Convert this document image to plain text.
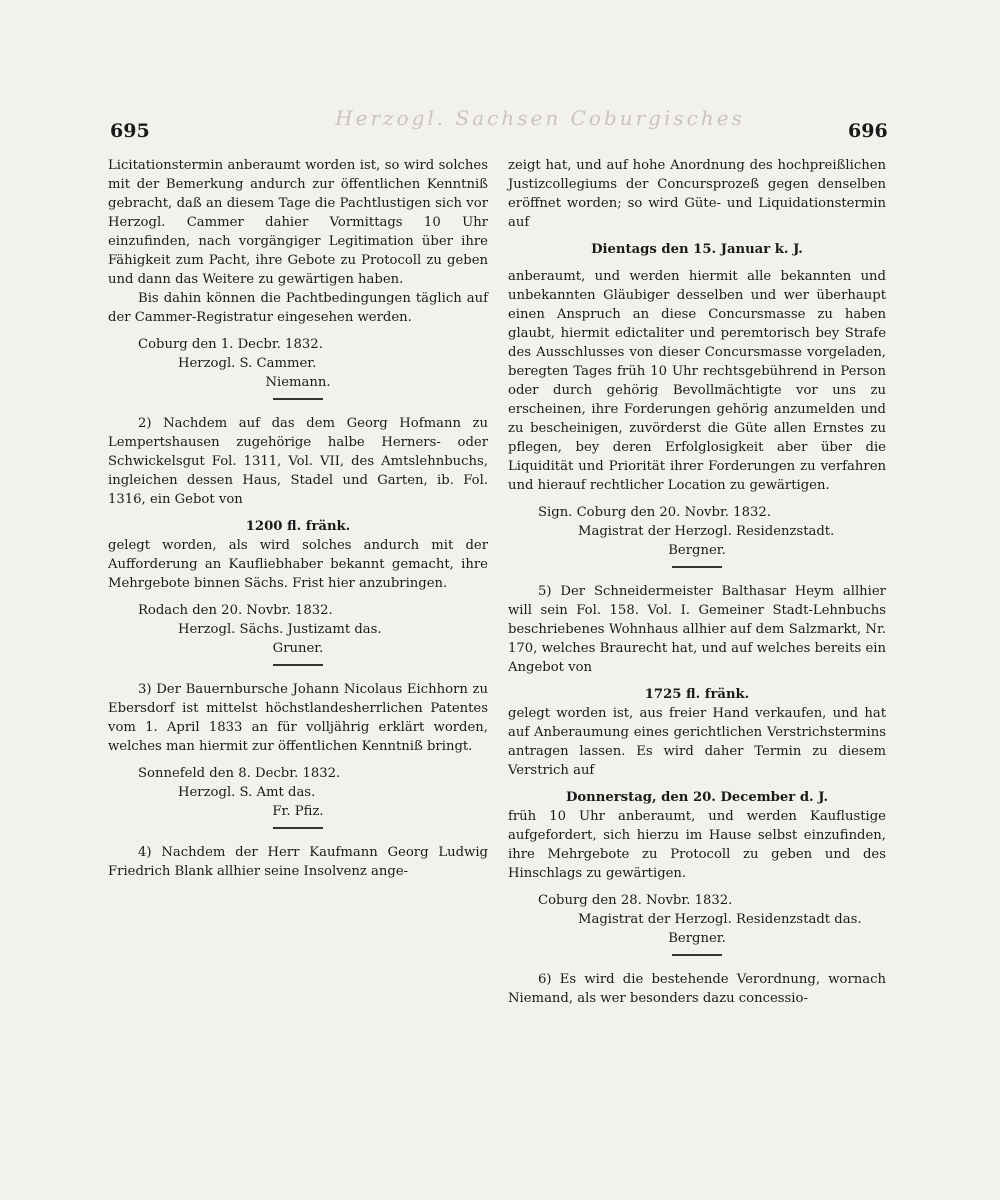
695
Herzogl. Sachsen Coburgisches
696

Licitationstermin anberaumt worden ist, so wird solches mit der Bemerkung andurch zur öffentlichen Kenntniß gebracht, daß an diesem Tage die Pachtlustigen sich vor Herzogl. Cammer dahier Vormittags 10 Uhr einzufinden, nach vorgängiger Legitimation über ihre Fähigkeit zum Pacht, ihre Gebote zu Protocoll zu geben und dann das Weitere zu gewärtigen haben.

Bis dahin können die Pachtbedingungen täglich auf der Cammer-Registratur eingesehen werden.

Coburg den 1. Decbr. 1832.

Herzogl. S. Cammer.

Niemann.

2) Nachdem auf das dem Georg Hofmann zu Lempertshausen zugehörige halbe Herners- oder Schwickelsgut Fol. 1311, Vol. VII, des Amtslehnbuchs, ingleichen dessen Haus, Stadel und Garten, ib. Fol. 1316, ein Gebot von

1200 fl. fränk.

gelegt worden, als wird solches andurch mit der Aufforderung an Kaufliebhaber bekannt gemacht, ihre Mehrgebote binnen Sächs. Frist hier anzubringen.

Rodach den 20. Novbr. 1832.

Herzogl. Sächs. Justizamt das.

Gruner.

3) Der Bauernbursche Johann Nicolaus Eichhorn zu Ebersdorf ist mittelst höchstlandesherrlichen Patentes vom 1. April 1833 an für volljährig erklärt worden, welches man hiermit zur öffentlichen Kenntniß bringt.

Sonnefeld den 8. Decbr. 1832.

Herzogl. S. Amt das.

Fr. Pfiz.

4) Nachdem der Herr Kaufmann Georg Ludwig Friedrich Blank allhier seine Insolvenz ange-

zeigt hat, und auf hohe Anordnung des hochpreißlichen Justizcollegiums der Concursprozeß gegen denselben eröffnet worden; so wird Güte- und Liquidationstermin auf

Dientags den 15. Januar k. J.

anberaumt, und werden hiermit alle bekannten und unbekannten Gläubiger desselben und wer überhaupt einen Anspruch an diese Concursmasse zu haben glaubt, hiermit edictaliter und peremtorisch bey Strafe des Ausschlusses von dieser Concursmasse vorgeladen, beregten Tages früh 10 Uhr rechtsgebührend in Person oder durch gehörig Bevollmächtigte vor uns zu erscheinen, ihre Forderungen gehörig anzumelden und zu bescheinigen, zuvörderst die Güte allen Ernstes zu pflegen, bey deren Erfolglosigkeit aber über die Liquidität und Priorität ihrer Forderungen zu verfahren und hierauf rechtlicher Location zu gewärtigen.

Sign. Coburg den 20. Novbr. 1832.

Magistrat der Herzogl. Residenzstadt.

Bergner.

5) Der Schneidermeister Balthasar Heym allhier will sein Fol. 158. Vol. I. Gemeiner Stadt-Lehnbuchs beschriebenes Wohnhaus allhier auf dem Salzmarkt, Nr. 170, welches Braurecht hat, und auf welches bereits ein Angebot von

1725 fl. fränk.

gelegt worden ist, aus freier Hand verkaufen, und hat auf Anberaumung eines gerichtlichen Verstrichstermins antragen lassen. Es wird daher Termin zu diesem Verstrich auf

Donnerstag, den 20. December d. J.

früh 10 Uhr anberaumt, und werden Kauflustige aufgefordert, sich hierzu im Hause selbst einzufinden, ihre Mehrgebote zu Protocoll zu geben und des Hinschlags zu gewärtigen.

Coburg den 28. Novbr. 1832.

Magistrat der Herzogl. Residenzstadt das.

Bergner.

6) Es wird die bestehende Verordnung, wornach Niemand, als wer besonders dazu concessio-
